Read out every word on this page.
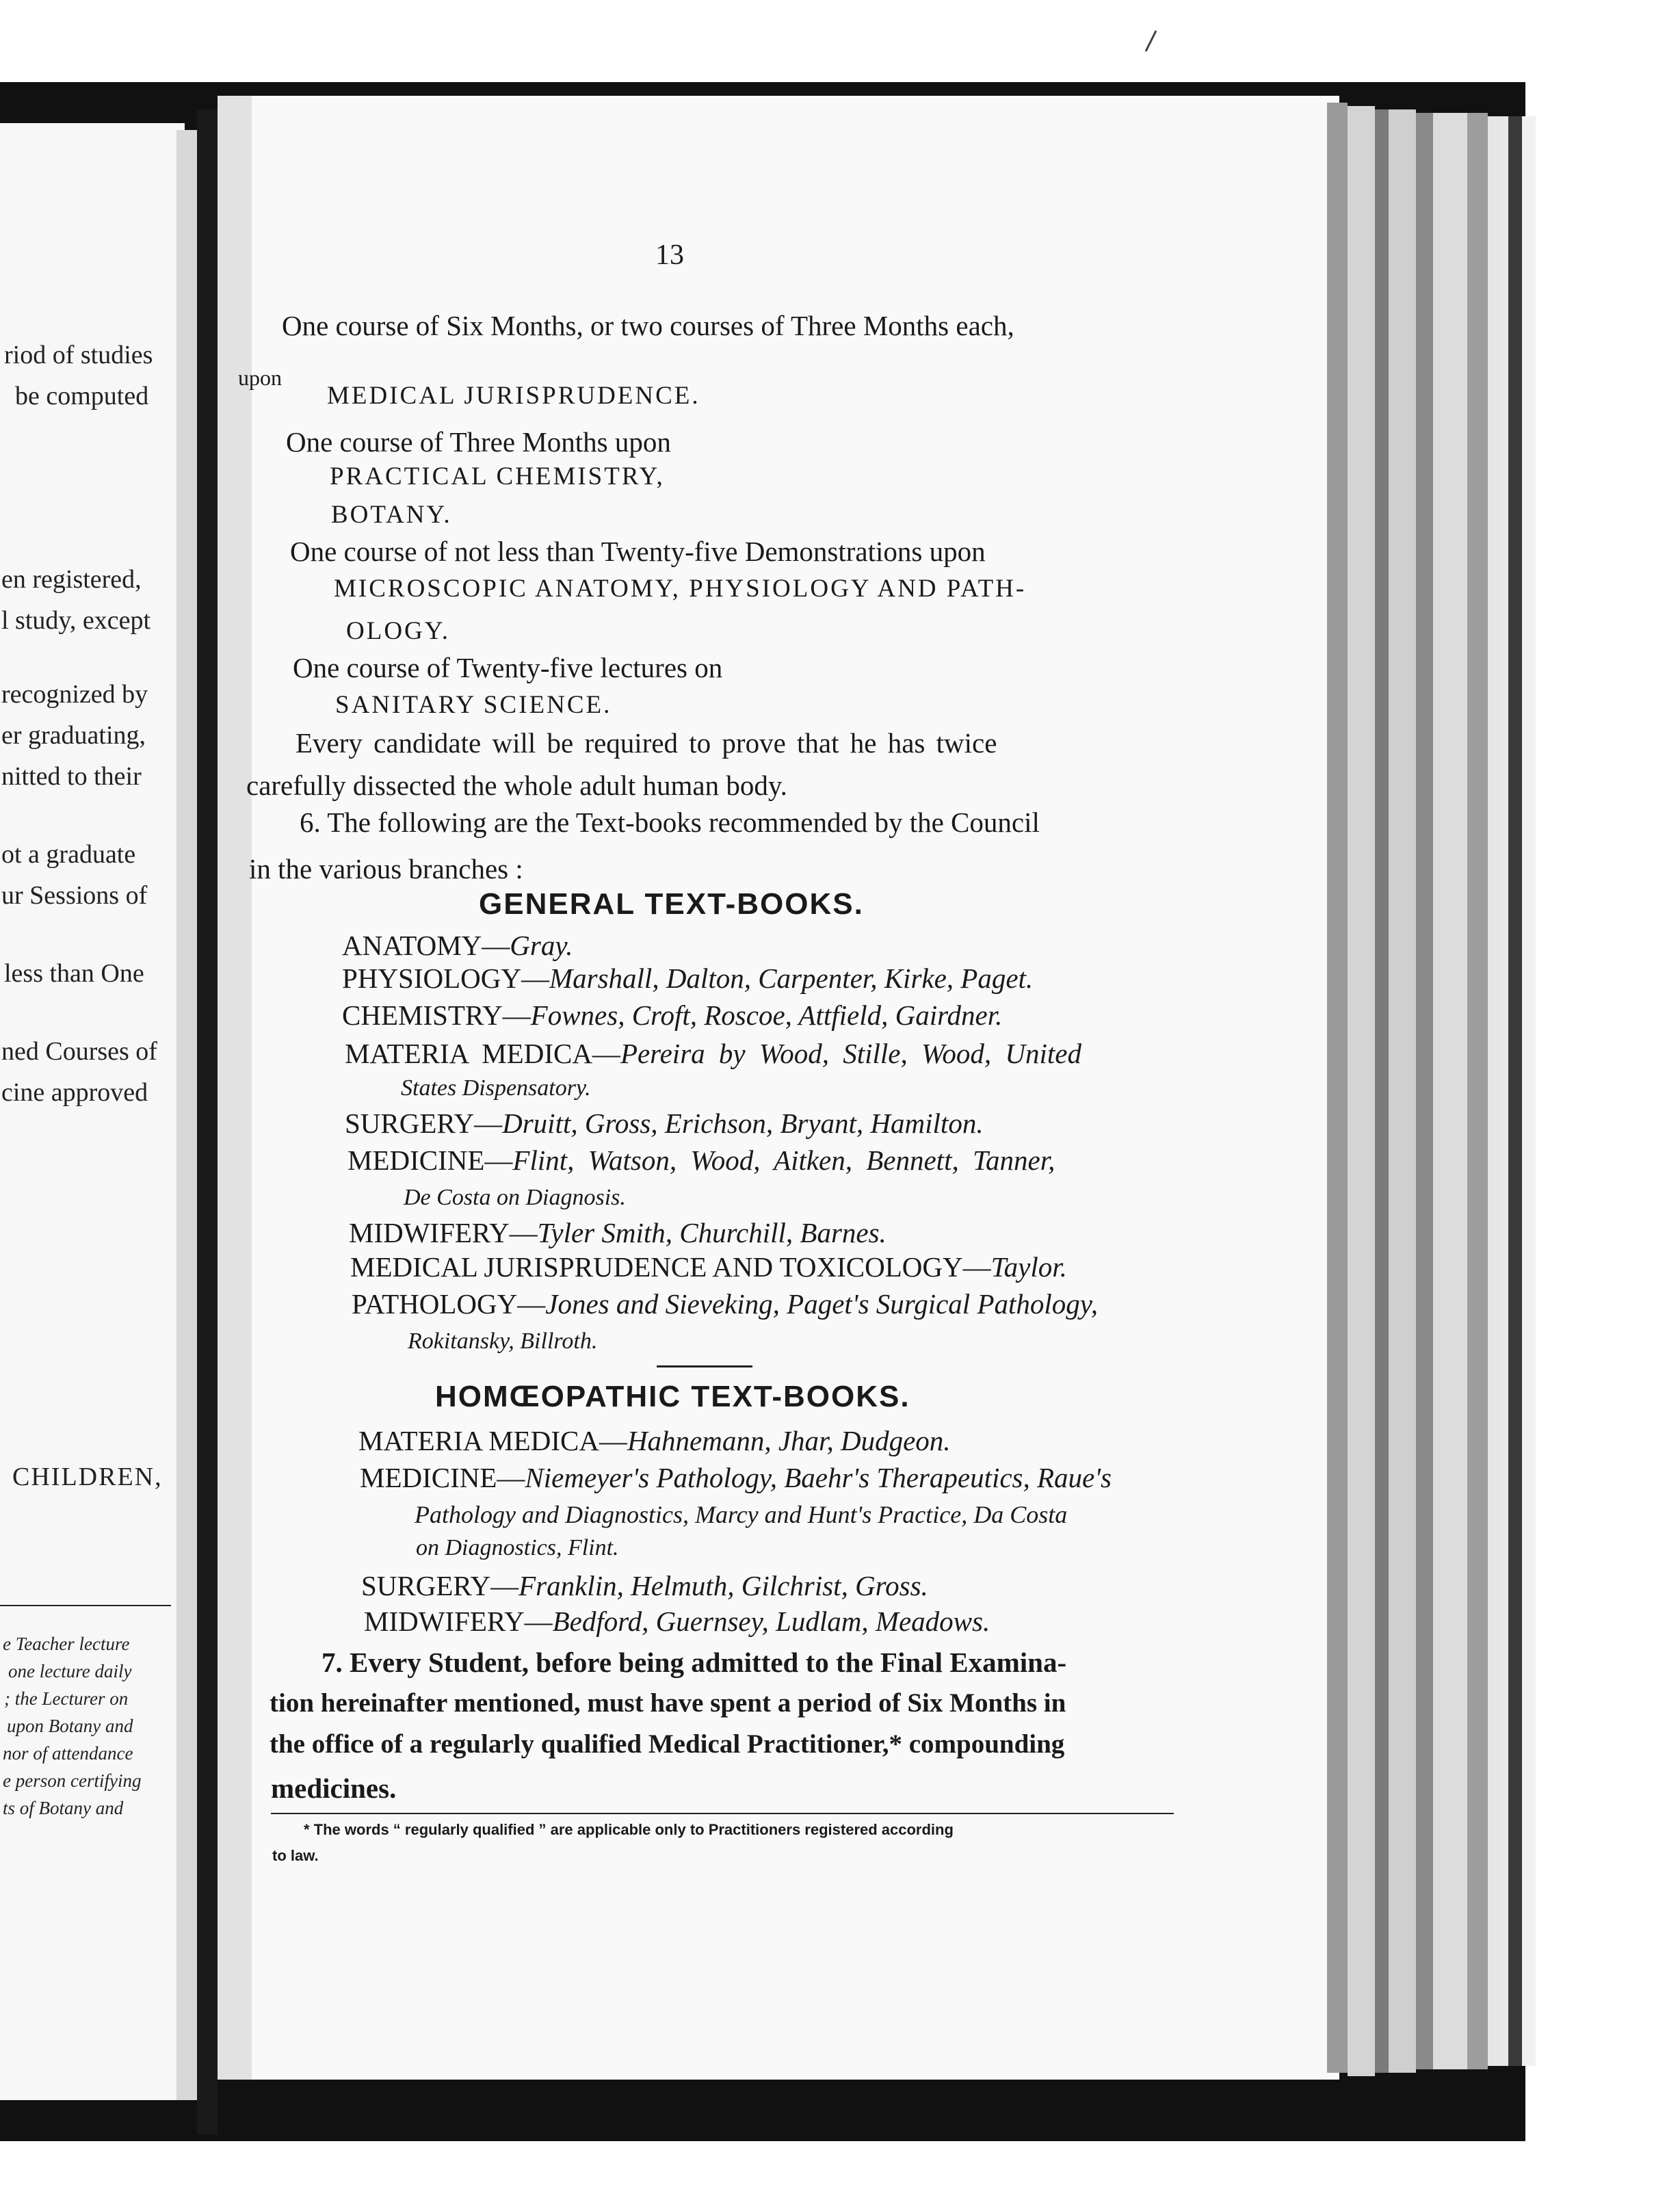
riod of studies
be computed
en registered,
l study, except
recognized by
er graduating,
nitted to their
ot a graduate
ur Sessions of
less than One
ned Courses of
cine approved
CHILDREN,
e Teacher lecture
one lecture daily
; the Lecturer on
upon Botany and
nor of attendance
e person certifying
ts of Botany and
13
One course of Six Months, or two courses of Three Months each,
upon
MEDICAL JURISPRUDENCE.
One course of Three Months upon
PRACTICAL CHEMISTRY,
BOTANY.
One course of not less than Twenty-five Demonstrations upon
MICROSCOPIC ANATOMY, PHYSIOLOGY AND PATH-
OLOGY.
One course of Twenty-five lectures on
SANITARY SCIENCE.
Every candidate will be required to prove that he has twice
carefully dissected the whole adult human body.
6. The following are the Text-books recommended by the Council
in the various branches :
GENERAL TEXT-BOOKS.
ANATOMY—Gray.
PHYSIOLOGY—Marshall, Dalton, Carpenter, Kirke, Paget.
CHEMISTRY—Fownes, Croft, Roscoe, Attfield, Gairdner.
MATERIA MEDICA—Pereira by Wood, Stille, Wood, United
States Dispensatory.
SURGERY—Druitt, Gross, Erichson, Bryant, Hamilton.
MEDICINE—Flint, Watson, Wood, Aitken, Bennett, Tanner,
De Costa on Diagnosis.
MIDWIFERY—Tyler Smith, Churchill, Barnes.
MEDICAL JURISPRUDENCE AND TOXICOLOGY—Taylor.
PATHOLOGY—Jones and Sieveking, Paget's Surgical Pathology,
Rokitansky, Billroth.
HOMŒOPATHIC TEXT-BOOKS.
MATERIA MEDICA—Hahnemann, Jhar, Dudgeon.
MEDICINE—Niemeyer's Pathology, Baehr's Therapeutics, Raue's
Pathology and Diagnostics, Marcy and Hunt's Practice, Da Costa
on Diagnostics, Flint.
SURGERY—Franklin, Helmuth, Gilchrist, Gross.
MIDWIFERY—Bedford, Guernsey, Ludlam, Meadows.
7. Every Student, before being admitted to the Final Examina-
tion hereinafter mentioned, must have spent a period of Six Months in
the office of a regularly qualified Medical Practitioner,* compounding
medicines.
* The words “ regularly qualified ” are applicable only to Practitioners registered according
to law.
